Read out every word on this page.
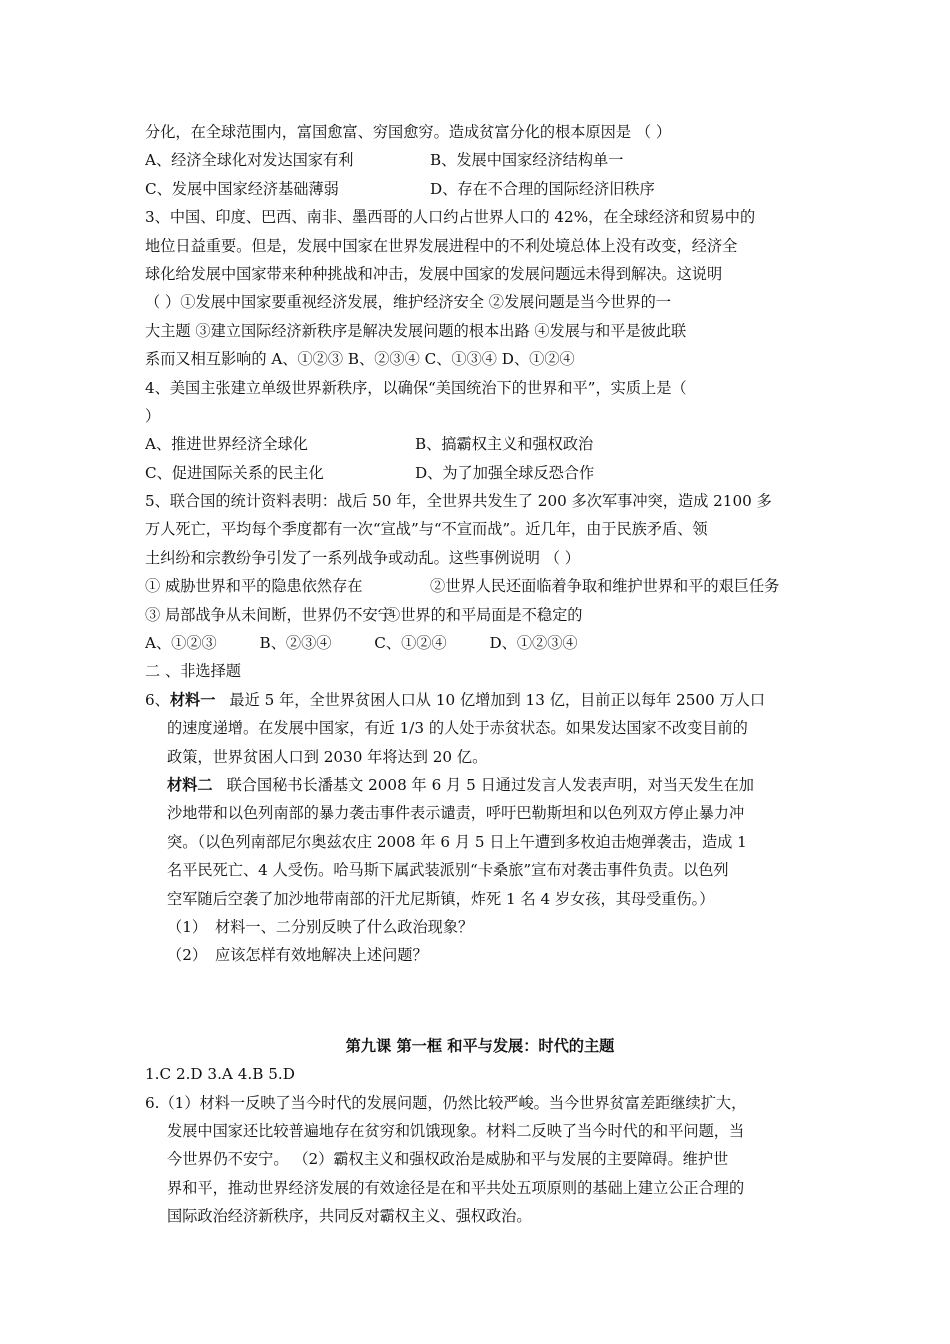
分化，在全球范围内，富国愈富、穷国愈穷。造成贫富分化的根本原因是 （ ）
A、经济全球化对发达国家有利	B、发展中国家经济结构单一
C、发展中国家经济基础薄弱	D、存在不合理的国际经济旧秩序
3、中国、印度、巴西、南非、墨西哥的人口约占世界人口的 42%，在全球经济和贸易中的
地位日益重要。但是，发展中国家在世界发展进程中的不利处境总体上没有改变，经济全
球化给发展中国家带来种种挑战和冲击，发展中国家的发展问题远未得到解决。这说明
（ ）①发展中国家要重视经济发展，维护经济安全 ②发展问题是当今世界的一
大主题 ③建立国际经济新秩序是解决发展问题的根本出路 ④发展与和平是彼此联
系而又相互影响的 A、①②③ B、②③④ C、①③④ D、①②④
4、美国主张建立单级世界新秩序，以确保“美国统治下的世界和平”，实质上是（
）
A、推进世界经济全球化	B、搞霸权主义和强权政治
C、促进国际关系的民主化	D、为了加强全球反恐合作
5、联合国的统计资料表明：战后 50 年，全世界共发生了 200 多次军事冲突，造成 2100 多
万人死亡，平均每个季度都有一次“宣战”与“不宣而战”。近几年，由于民族矛盾、领
土纠纷和宗教纷争引发了一系列战争或动乱。这些事例说明 （ ）
① 威胁世界和平的隐患依然存在	②世界人民还面临着争取和维护世界和平的艰巨任务
③ 局部战争从未间断，世界仍不安宁
④世界的和平局面是不稳定的
A、①②③	B、②③④	C、①②④	D、①②③④
二 、非选择题
6、材料一 最近 5 年，全世界贫困人口从 10 亿增加到 13 亿，目前正以每年 2500 万人口
的速度递增。在发展中国家，有近 1/3 的人处于赤贫状态。如果发达国家不改变目前的
政策，世界贫困人口到 2030 年将达到 20 亿。
材料二 联合国秘书长潘基文 2008 年 6 月 5 日通过发言人发表声明，对当天发生在加
沙地带和以色列南部的暴力袭击事件表示谴责，呼吁巴勒斯坦和以色列双方停止暴力冲
突。（以色列南部尼尔奥兹农庄 2008 年 6 月 5 日上午遭到多枚迫击炮弹袭击，造成 1
名平民死亡、4 人受伤。哈马斯下属武装派别“卡桑旅”宣布对袭击事件负责。以色列
空军随后空袭了加沙地带南部的汗尤尼斯镇，炸死 1 名 4 岁女孩，其母受重伤。）
（1） 材料一、二分别反映了什么政治现象？
（2） 应该怎样有效地解决上述问题？
第九课 第一框 和平与发展：时代的主题
1.C 2.D 3.A 4.B 5.D
6.（1）材料一反映了当今时代的发展问题，仍然比较严峻。当今世界贫富差距继续扩大，
发展中国家还比较普遍地存在贫穷和饥饿现象。材料二反映了当今时代的和平问题，当
今世界仍不安宁。 （2）霸权主义和强权政治是威胁和平与发展的主要障碍。维护世
界和平，推动世界经济发展的有效途径是在和平共处五项原则的基础上建立公正合理的
国际政治经济新秩序，共同反对霸权主义、强权政治。
